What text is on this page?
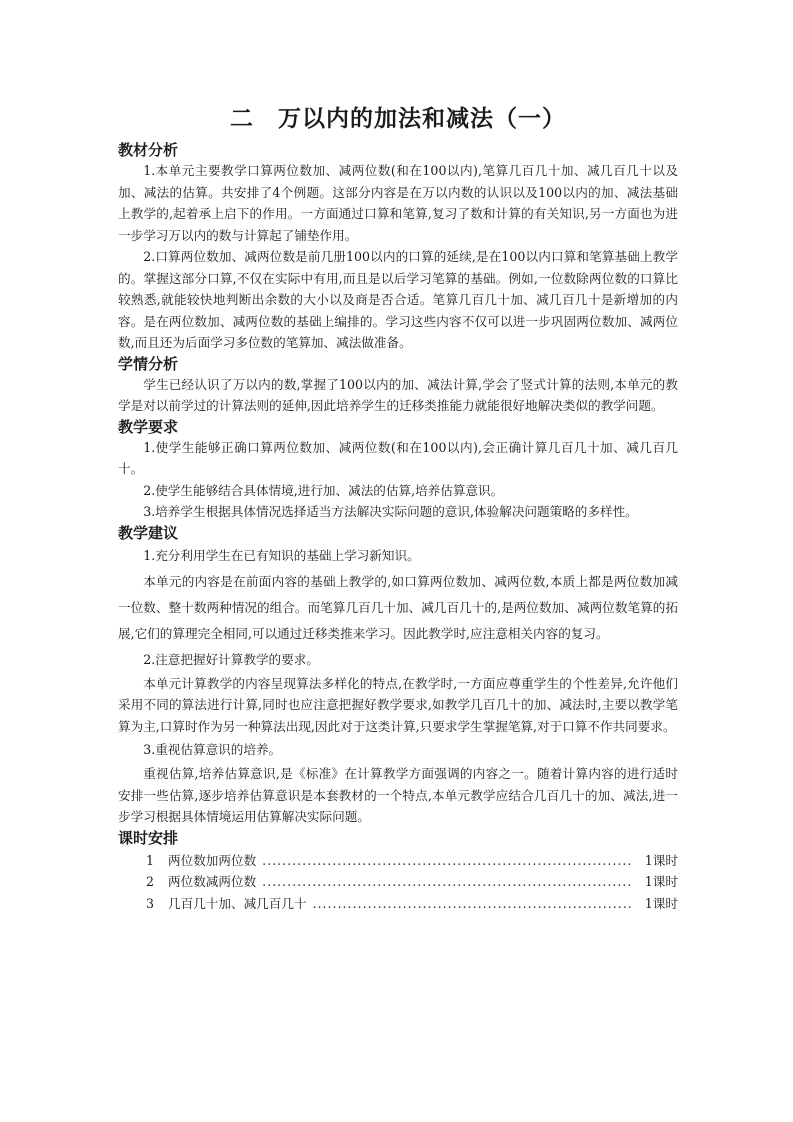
二　万以内的加法和减法（一）
教材分析

1.本单元主要教学口算两位数加、减两位数(和在100以内),笔算几百几十加、减几百几十以及加、减法的估算。共安排了4个例题。这部分内容是在万以内数的认识以及100以内的加、减法基础上教学的,起着承上启下的作用。一方面通过口算和笔算,复习了数和计算的有关知识,另一方面也为进一步学习万以内的数与计算起了铺垫作用。

2.口算两位数加、减两位数是前几册100以内的口算的延续,是在100以内口算和笔算基础上教学的。掌握这部分口算,不仅在实际中有用,而且是以后学习笔算的基础。例如,一位数除两位数的口算比较熟悉,就能较快地判断出余数的大小以及商是否合适。笔算几百几十加、减几百几十是新增加的内容。是在两位数加、减两位数的基础上编排的。学习这些内容不仅可以进一步巩固两位数加、减两位数,而且还为后面学习多位数的笔算加、减法做准备。

学情分析

学生已经认识了万以内的数,掌握了100以内的加、减法计算,学会了竖式计算的法则,本单元的教学是对以前学过的计算法则的延伸,因此培养学生的迁移类推能力就能很好地解决类似的教学问题。

教学要求

1.使学生能够正确口算两位数加、减两位数(和在100以内),会正确计算几百几十加、减几百几十。

2.使学生能够结合具体情境,进行加、减法的估算,培养估算意识。

3.培养学生根据具体情况选择适当方法解决实际问题的意识,体验解决问题策略的多样性。

教学建议

1.充分利用学生在已有知识的基础上学习新知识。

本单元的内容是在前面内容的基础上教学的,如口算两位数加、减两位数,本质上都是两位数加减一位数、整十数两种情况的组合。而笔算几百几十加、减几百几十的,是两位数加、减两位数笔算的拓展,它们的算理完全相同,可以通过迁移类推来学习。因此教学时,应注意相关内容的复习。

2.注意把握好计算教学的要求。

本单元计算教学的内容呈现算法多样化的特点,在教学时,一方面应尊重学生的个性差异,允许他们采用不同的算法进行计算,同时也应注意把握好教学要求,如教学几百几十的加、减法时,主要以教学笔算为主,口算时作为另一种算法出现,因此对于这类计算,只要求学生掌握笔算,对于口算不作共同要求。

3.重视估算意识的培养。

重视估算,培养估算意识,是《标准》在计算教学方面强调的内容之一。随着计算内容的进行适时安排一些估算,逐步培养估算意识是本套教材的一个特点,本单元教学应结合几百几十的加、减法,进一步学习根据具体情境运用估算解决实际问题。

课时安排
1	两位数加两位数 .....	1课时
2	两位数减两位数 .....	1课时
3	几百几十加、减几百几十 .....	1课时
